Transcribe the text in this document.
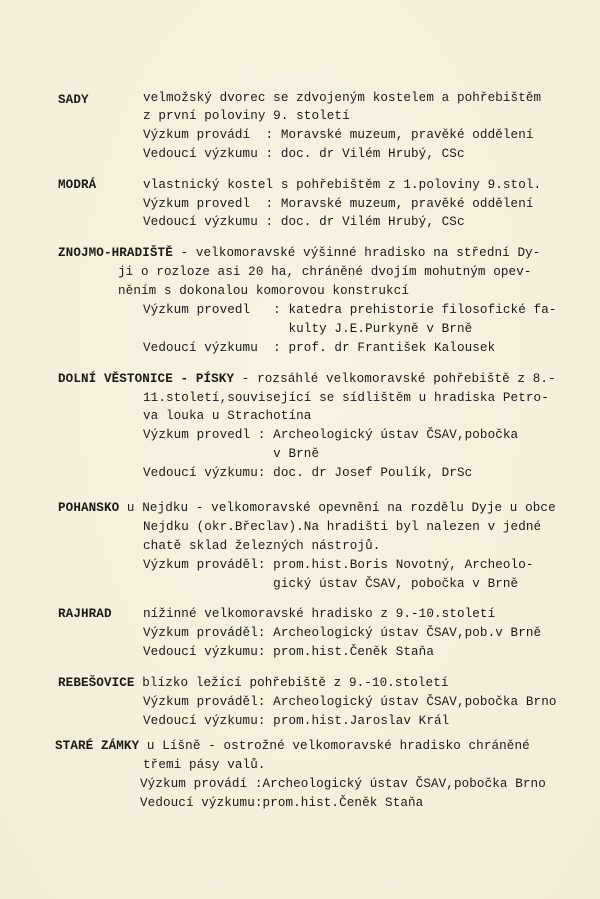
SADY	velmožský dvorec se zdvojeným kostelem a pohřebištěm
z první poloviny 9. století
Výzkum provádí  : Moravské muzeum, pravěké oddělení
Vedoucí výzkumu : doc. dr Vilém Hrubý, CSc
MODRÁ	vlastnický kostel s pohřebištěm z 1.poloviny 9.stol.
Výzkum provedl  : Moravské muzeum, pravěké oddělení
Vedoucí výzkumu : doc. dr Vilém Hrubý, CSc
ZNOJMO-HRADIŠTĚ - velkomoravské výšinné hradisko na střední Dy-
ji o rozloze asi 20 ha, chráněné dvojím mohutným opev-
něním s dokonalou komorovou konstrukcí
Výzkum provedl   : katedra prehistorie filosofické fa-
kulty J.E.Purkyně v Brně
Vedoucí výzkumu  : prof. dr František Kalousek
DOLNÍ VĚSTONICE - PÍSKY - rozsáhlé velkomoravské pohřebiště z 8.-
11.století,související se sídlištěm u hradiska Petro-
va louka u Strachotína
Výzkum provedl : Archeologický ústav ČSAV,pobočka
v Brně
Vedoucí výzkumu: doc. dr Josef Poulík, DrSc
POHANSKO u Nejdku - velkomoravské opevnění na rozdělu Dyje u obce
Nejdku (okr.Břeclav).Na hradišti byl nalezen v jedné
chatě sklad železných nástrojů.
Výzkum prováděl: prom.hist.Boris Novotný, Archeolo-
gický ústav ČSAV, pobočka v Brně
RAJHRAD nížinné velkomoravské hradisko z 9.-10.století
Výzkum prováděl: Archeologický ústav ČSAV,pob.v Brně
Vedoucí výzkumu: prom.hist.Čeněk Staňa
REBEŠOVICE blízko ležící pohřebiště z 9.-10.století
Výzkum prováděl: Archeologický ústav ČSAV,pobočka Brno
Vedoucí výzkumu: prom.hist.Jaroslav Král
STARÉ ZÁMKY u Líšně - ostrožné velkomoravské hradisko chráněné
třemi pásy valů.
Výzkum provádí :Archeologický ústav ČSAV,pobočka Brno
Vedoucí výzkumu:prom.hist.Čeněk Staňa
